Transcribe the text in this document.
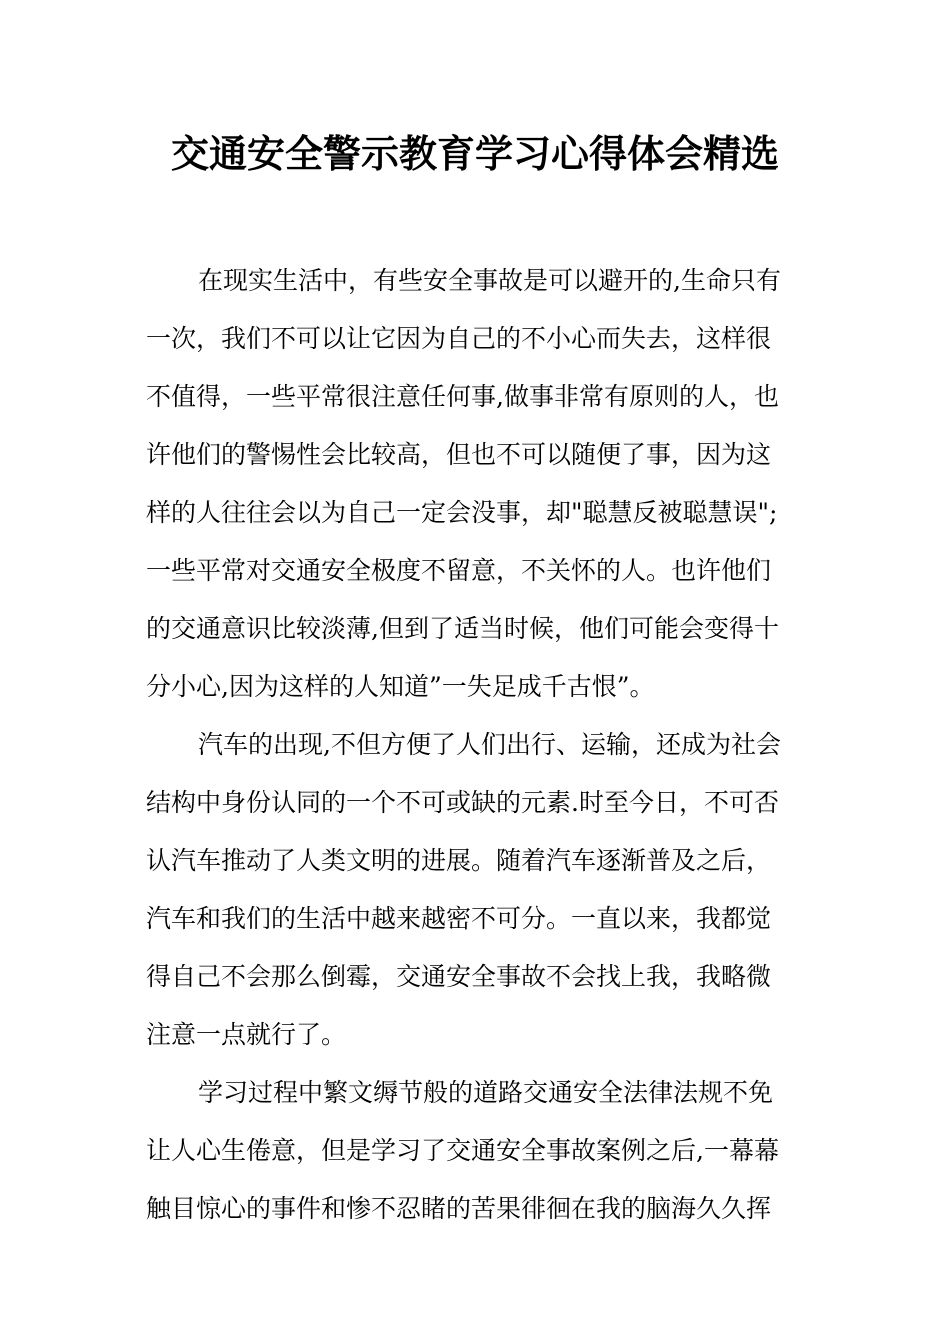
交通安全警示教育学习心得体会精选

在现实生活中，有些安全事故是可以避开的,生命只有
一次，我们不可以让它因为自己的不小心而失去，这样很
不值得，一些平常很注意任何事,做事非常有原则的人，也
许他们的警惕性会比较高，但也不可以随便了事，因为这
样的人往往会以为自己一定会没事，却"聪慧反被聪慧误";
一些平常对交通安全极度不留意，不关怀的人。也许他们
的交通意识比较淡薄,但到了适当时候，他们可能会变得十
分小心,因为这样的人知道”一失足成千古恨”。

汽车的出现,不但方便了人们出行、运输，还成为社会
结构中身份认同的一个不可或缺的元素.时至今日，不可否
认汽车推动了人类文明的进展。随着汽车逐渐普及之后，
汽车和我们的生活中越来越密不可分。一直以来，我都觉
得自己不会那么倒霉，交通安全事故不会找上我，我略微
注意一点就行了。

学习过程中繁文缛节般的道路交通安全法律法规不免
让人心生倦意，但是学习了交通安全事故案例之后,一幕幕
触目惊心的事件和惨不忍睹的苦果徘徊在我的脑海久久挥
